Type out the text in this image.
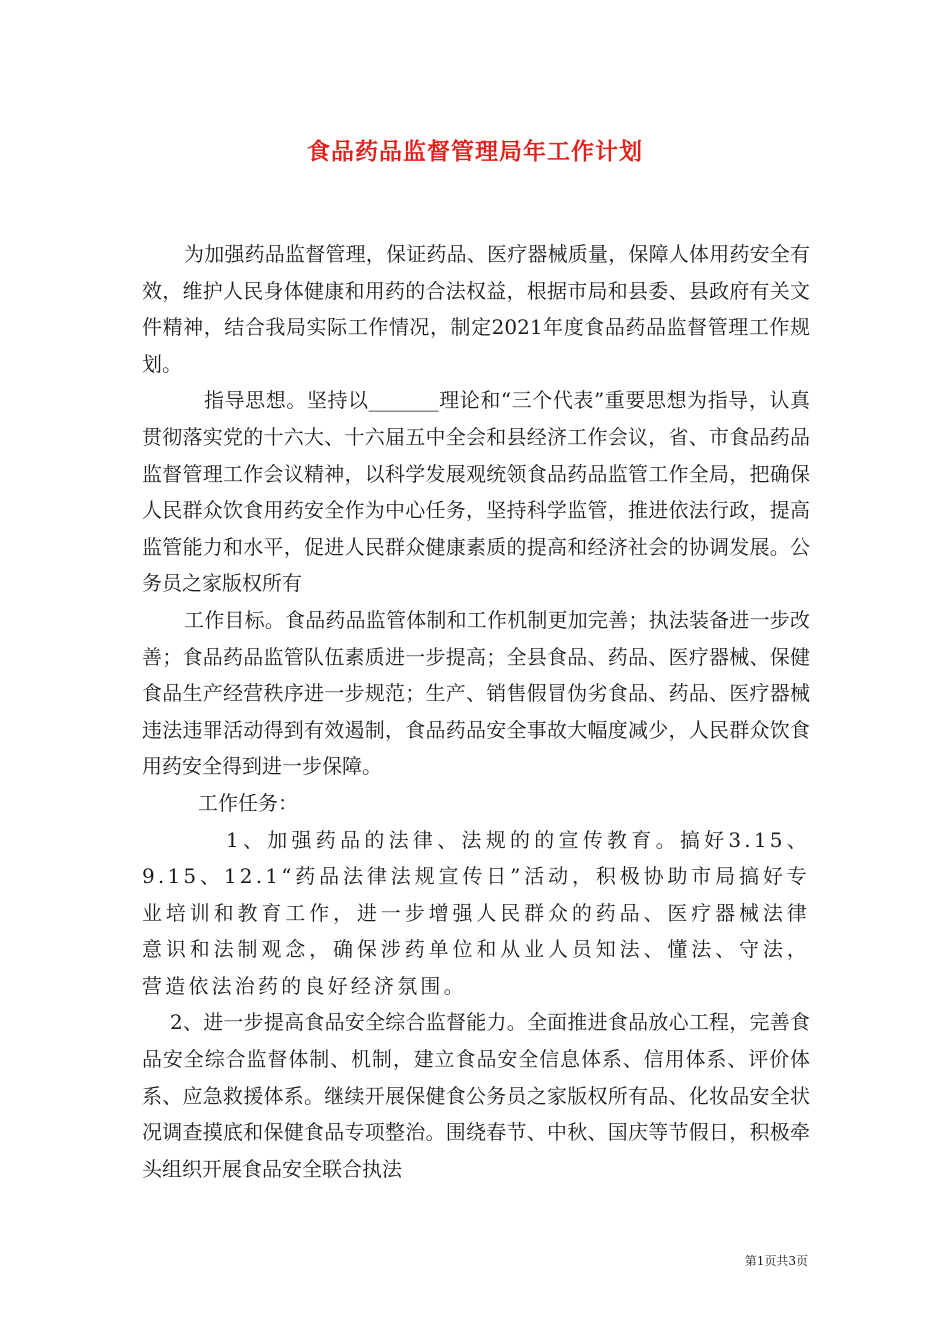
食品药品监督管理局年工作计划

为加强药品监督管理，保证药品、医疗器械质量，保障人体用药安全有效，维护人民身体健康和用药的合法权益，根据市局和县委、县政府有关文件精神，结合我局实际工作情况，制定2021年度食品药品监督管理工作规划。

指导思想。坚持以_______理论和“三个代表”重要思想为指导，认真贯彻落实党的十六大、十六届五中全会和县经济工作会议，省、市食品药品监督管理工作会议精神，以科学发展观统领食品药品监管工作全局，把确保人民群众饮食用药安全作为中心任务，坚持科学监管，推进依法行政，提高监管能力和水平，促进人民群众健康素质的提高和经济社会的协调发展。公务员之家版权所有

工作目标。食品药品监管体制和工作机制更加完善；执法装备进一步改善；食品药品监管队伍素质进一步提高；全县食品、药品、医疗器械、保健食品生产经营秩序进一步规范；生产、销售假冒伪劣食品、药品、医疗器械违法违罪活动得到有效遏制，食品药品安全事故大幅度减少，人民群众饮食用药安全得到进一步保障。

工作任务：

1、加强药品的法律、法规的的宣传教育。搞好3.15、9.15、12.1“药品法律法规宣传日”活动，积极协助市局搞好专业培训和教育工作，进一步增强人民群众的药品、医疗器械法律意识和法制观念，确保涉药单位和从业人员知法、懂法、守法，营造依法治药的良好经济氛围。

2、进一步提高食品安全综合监督能力。全面推进食品放心工程，完善食品安全综合监督体制、机制，建立食品安全信息体系、信用体系、评价体系、应急救援体系。继续开展保健食公务员之家版权所有品、化妆品安全状况调查摸底和保健食品专项整治。围绕春节、中秋、国庆等节假日，积极牵头组织开展食品安全联合执法

第1页共3页
